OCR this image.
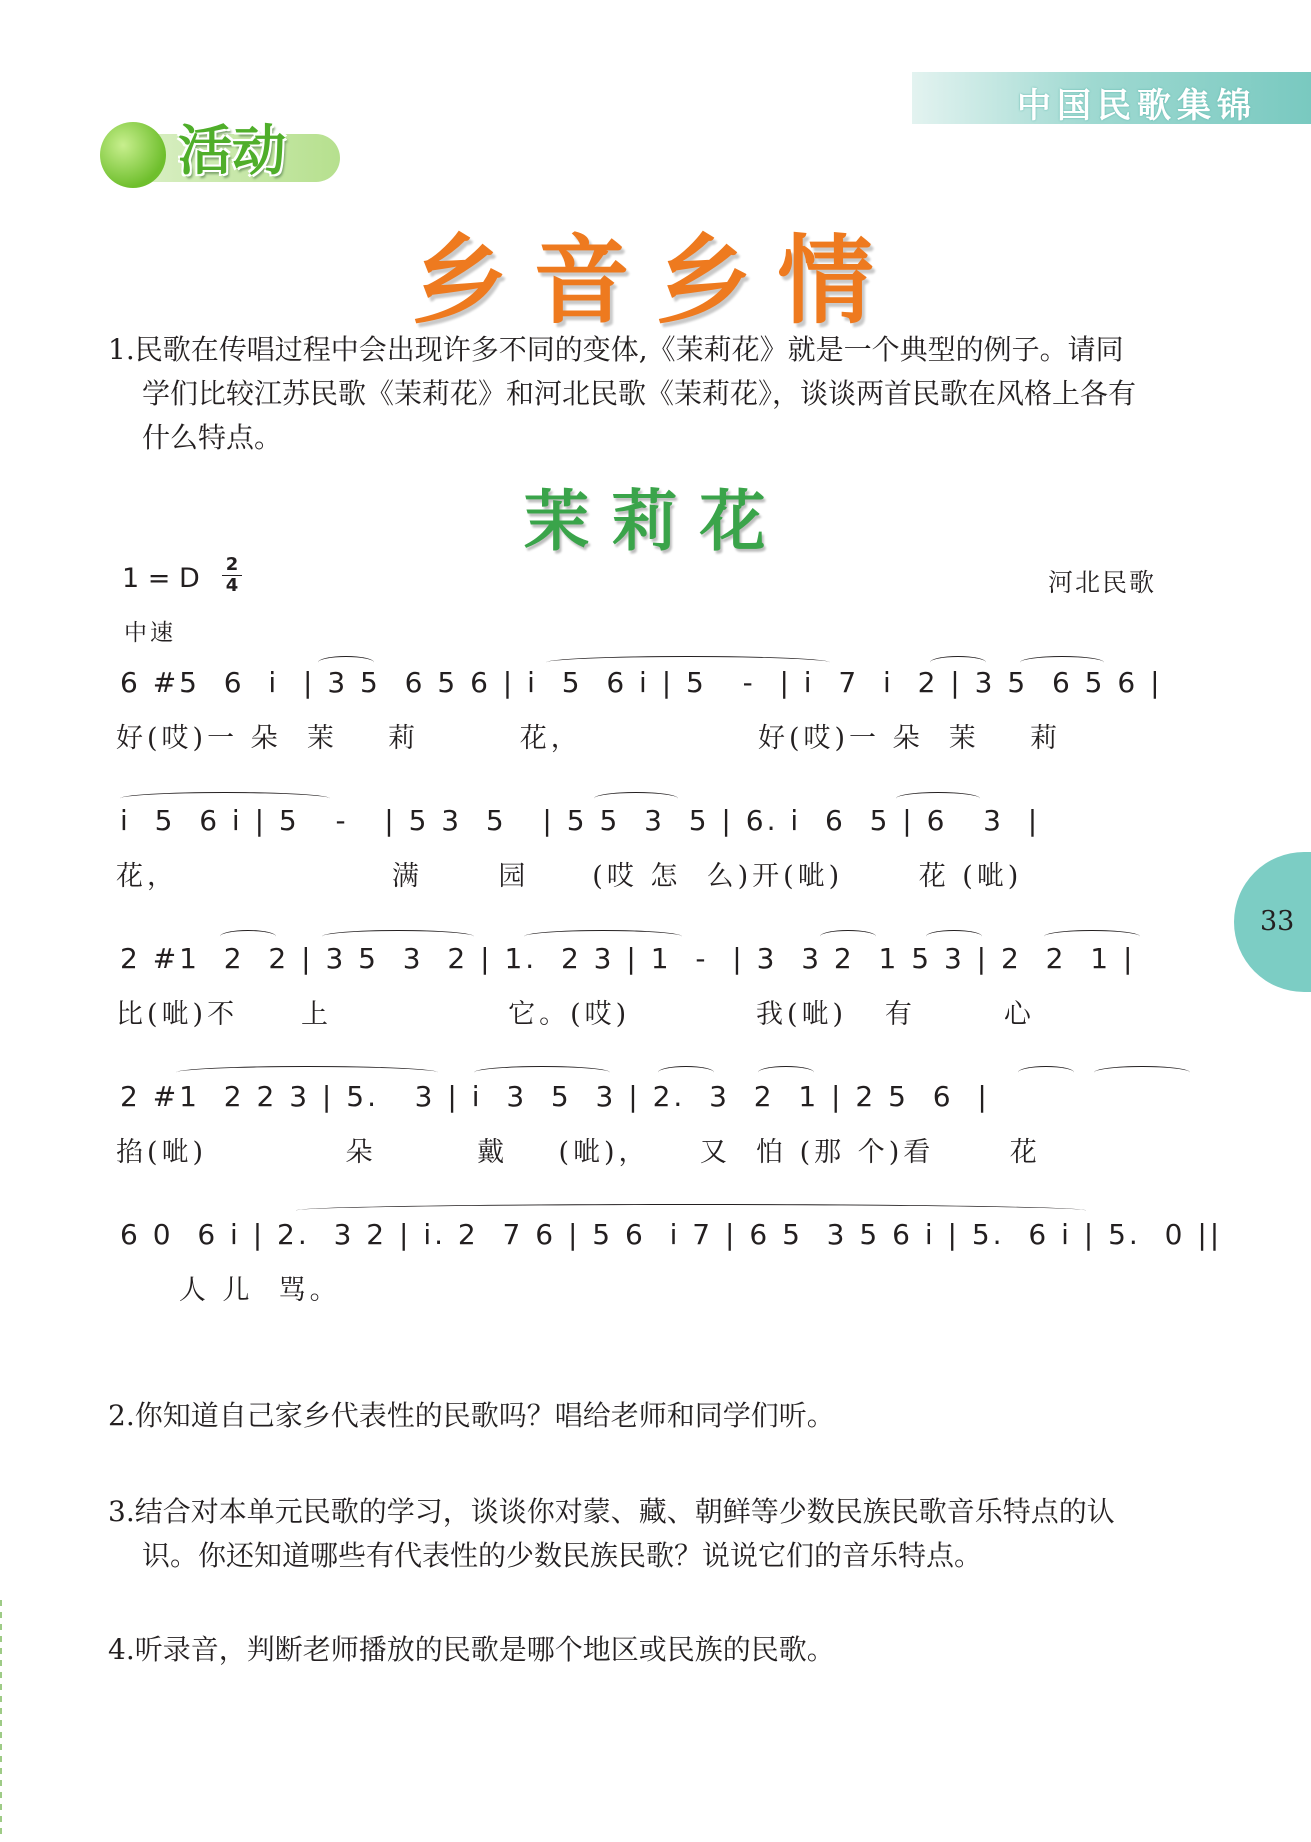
中国民歌集锦
活动
乡音乡情
1.民歌在传唱过程中会出现许多不同的变体,《茉莉花》就是一个典型的例子。请同
学们比较江苏民歌《茉莉花》和河北民歌《茉莉花》，谈谈两首民歌在风格上各有
什么特点。
茉莉花
1 = D 2
4	河北民歌
中速
6 #5  6  i  | 3 5  6 5 6 | i  5  6 i | 5   -  | i  7  i  2 | 3 5  6 5 6 |
好(哎)一 朵  茉    莉        花，              好(哎)一 朵  茉    莉
i  5  6 i | 5   -   | 5 3  5   | 5 5  3  5 | 6. i  6  5 | 6   3  |
花，                 满      园     (哎 怎  么)开(呲)      花 (呲)
2 #1  2  2 | 3 5  3  2 | 1.  2 3 | 1  -  | 3  3 2  1 5 3 | 2  2  1 |
比(呲)不     上              它。(哎)          我(呲)   有       心
2 #1  2 2 3 | 5.   3 | i  3  5  3 | 2.  3  2  1 | 2 5  6  |
掐(呲)           朵        戴    (呲)，    又  怕 (那 个)看      花
6 0  6 i | 2.  3 2 | i. 2  7 6 | 5 6  i 7 | 6 5  3 5 6 i | 5.  6 i | 5.  0 ||
人 儿  骂。
2.你知道自己家乡代表性的民歌吗？唱给老师和同学们听。
3.结合对本单元民歌的学习，谈谈你对蒙、藏、朝鲜等少数民族民歌音乐特点的认
识。你还知道哪些有代表性的少数民族民歌？说说它们的音乐特点。
4.听录音，判断老师播放的民歌是哪个地区或民族的民歌。
33
